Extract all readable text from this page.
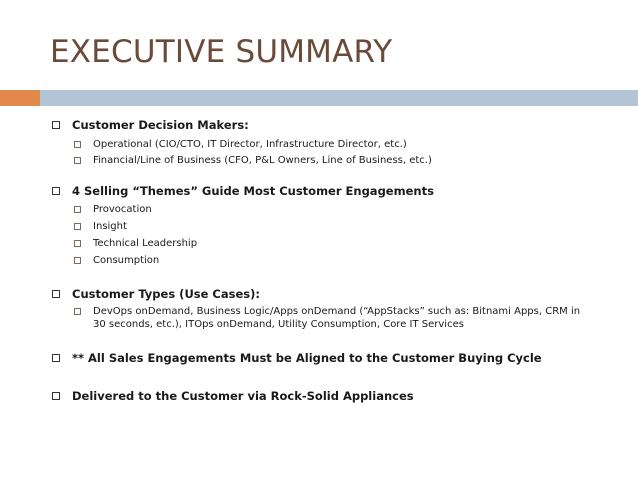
EXECUTIVE SUMMARY
Customer Decision Makers:
Operational (CIO/CTO, IT Director, Infrastructure Director, etc.)
Financial/Line of Business (CFO, P&L Owners, Line of Business, etc.)
4 Selling “Themes” Guide Most Customer Engagements
Provocation
Insight
Technical Leadership
Consumption
Customer Types (Use Cases):
DevOps onDemand, Business Logic/Apps onDemand (“AppStacks” such as: Bitnami Apps, CRM in 30 seconds, etc.), ITOps onDemand, Utility Consumption, Core IT Services
** All Sales Engagements Must be Aligned to the Customer Buying Cycle
Delivered to the Customer via Rock-Solid Appliances
